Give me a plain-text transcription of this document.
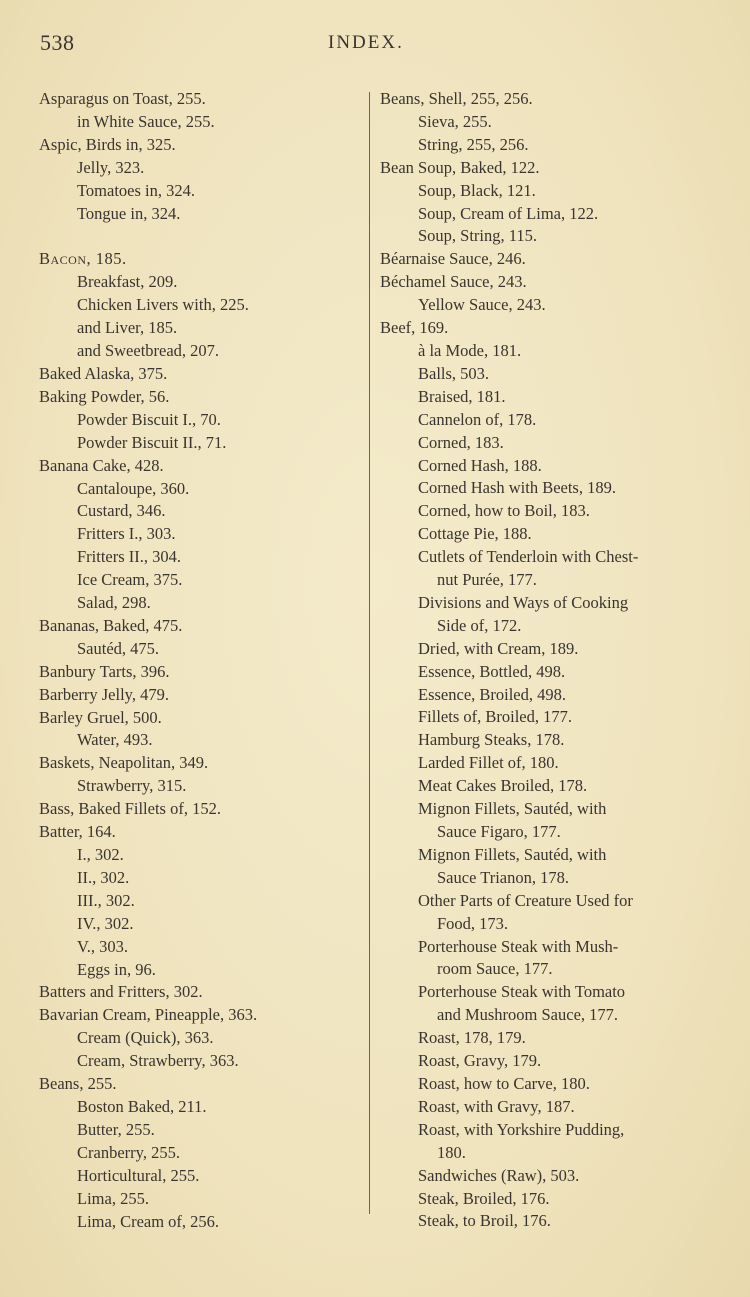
538	INDEX.
Asparagus on Toast, 255.
in White Sauce, 255.
Aspic, Birds in, 325.
Jelly, 323.
Tomatoes in, 324.
Tongue in, 324.
Bacon, 185.
Breakfast, 209.
Chicken Livers with, 225.
and Liver, 185.
and Sweetbread, 207.
Baked Alaska, 375.
Baking Powder, 56.
Powder Biscuit I., 70.
Powder Biscuit II., 71.
Banana Cake, 428.
Cantaloupe, 360.
Custard, 346.
Fritters I., 303.
Fritters II., 304.
Ice Cream, 375.
Salad, 298.
Bananas, Baked, 475.
Sautéd, 475.
Banbury Tarts, 396.
Barberry Jelly, 479.
Barley Gruel, 500.
Water, 493.
Baskets, Neapolitan, 349.
Strawberry, 315.
Bass, Baked Fillets of, 152.
Batter, 164.
I., 302.
II., 302.
III., 302.
IV., 302.
V., 303.
Eggs in, 96.
Batters and Fritters, 302.
Bavarian Cream, Pineapple, 363.
Cream (Quick), 363.
Cream, Strawberry, 363.
Beans, 255.
Boston Baked, 211.
Butter, 255.
Cranberry, 255.
Horticultural, 255.
Lima, 255.
Lima, Cream of, 256.
Beans, Shell, 255, 256.
Sieva, 255.
String, 255, 256.
Bean Soup, Baked, 122.
Soup, Black, 121.
Soup, Cream of Lima, 122.
Soup, String, 115.
Béarnaise Sauce, 246.
Béchamel Sauce, 243.
Yellow Sauce, 243.
Beef, 169.
à la Mode, 181.
Balls, 503.
Braised, 181.
Cannelon of, 178.
Corned, 183.
Corned Hash, 188.
Corned Hash with Beets, 189.
Corned, how to Boil, 183.
Cottage Pie, 188.
Cutlets of Tenderloin with Chest-
nut Purée, 177.
Divisions and Ways of Cooking
Side of, 172.
Dried, with Cream, 189.
Essence, Bottled, 498.
Essence, Broiled, 498.
Fillets of, Broiled, 177.
Hamburg Steaks, 178.
Larded Fillet of, 180.
Meat Cakes Broiled, 178.
Mignon Fillets, Sautéd, with
Sauce Figaro, 177.
Mignon Fillets, Sautéd, with
Sauce Trianon, 178.
Other Parts of Creature Used for
Food, 173.
Porterhouse Steak with Mush-
room Sauce, 177.
Porterhouse Steak with Tomato
and Mushroom Sauce, 177.
Roast, 178, 179.
Roast, Gravy, 179.
Roast, how to Carve, 180.
Roast, with Gravy, 187.
Roast, with Yorkshire Pudding,
180.
Sandwiches (Raw), 503.
Steak, Broiled, 176.
Steak, to Broil, 176.
